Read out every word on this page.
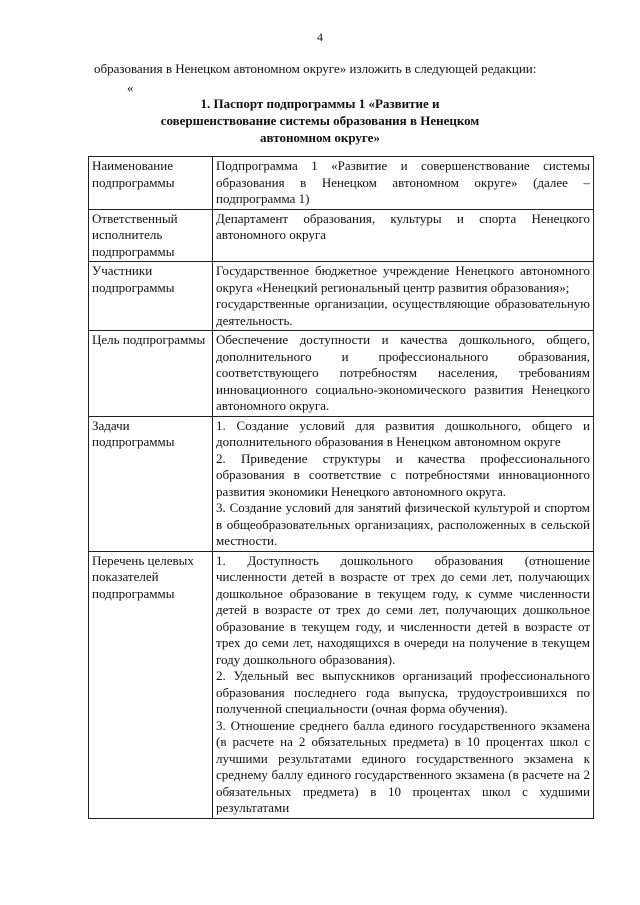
4
образования в Ненецком автономном округе» изложить в следующей редакции:
«
1. Паспорт подпрограммы 1 «Развитие и совершенствование системы образования в Ненецком автономном округе»
Наименование подпрограммы	Подпрограмма 1 «Развитие и совершенствование системы образования в Ненецком автономном округе» (далее – подпрограмма 1)

Ответственный исполнитель подпрограммы	Департамент образования, культуры и спорта Ненецкого автономного округа

Участники подпрограммы	Государственное бюджетное учреждение Ненецкого автономного округа «Ненецкий региональный центр развития образования»;

государственные организации, осуществляющие образовательную деятельность.

Цель подпрограммы	Обеспечение доступности и качества дошкольного, общего, дополнительного и профессионального образования, соответствующего потребностям населения, требованиям инновационного социально-экономического развития Ненецкого автономного округа.

Задачи подпрограммы	1. Создание условий для развития дошкольного, общего и дополнительного образования в Ненецком автономном округе

2. Приведение структуры и качества профессионального образования в соответствие с потребностями инновационного развития экономики Ненецкого автономного округа.

3. Создание условий для занятий физической культурой и спортом в общеобразовательных организациях, расположенных в сельской местности.

Перечень целевых показателей подпрограммы	1. Доступность дошкольного образования (отношение численности детей в возрасте от трех до семи лет, получающих дошкольное образование в текущем году, к сумме численности детей в возрасте от трех до семи лет, получающих дошкольное образование в текущем году, и численности детей в возрасте от трех до семи лет, находящихся в очереди на получение в текущем году дошкольного образования).

2. Удельный вес выпускников организаций профессионального образования последнего года выпуска, трудоустроившихся по полученной специальности (очная форма обучения).

3. Отношение среднего балла единого государственного экзамена (в расчете на 2 обязательных предмета) в 10 процентах школ с лучшими результатами единого государственного экзамена к среднему баллу единого государственного экзамена (в расчете на 2 обязательных предмета) в 10 процентах школ с худшими результатами
